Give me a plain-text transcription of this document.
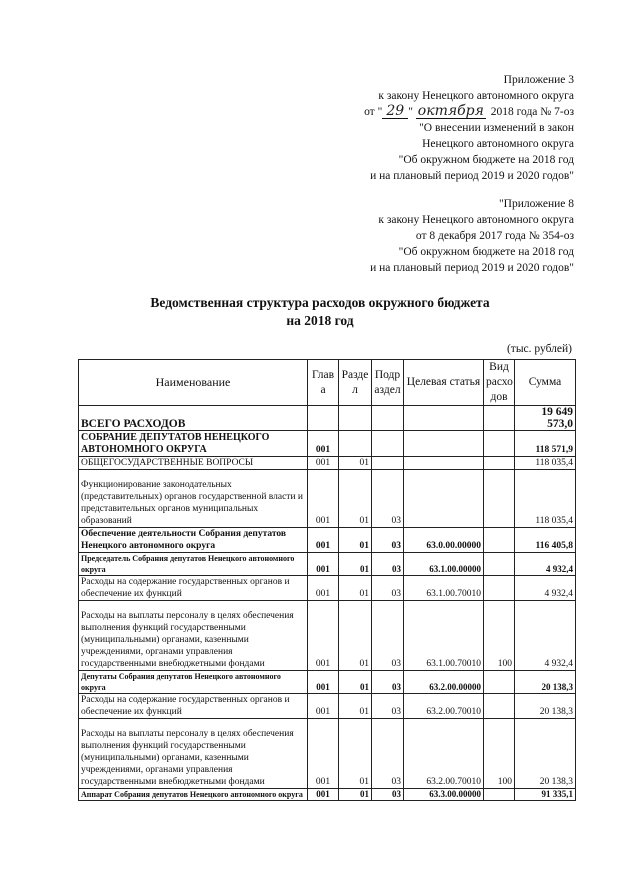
Приложение 3
к закону Ненецкого автономного округа
от " 29 " октября 2018 года № 7-оз
"О внесении изменений в закон
Ненецкого автономного округа
"Об окружном бюджете на 2018 год
и на плановый период 2019 и 2020 годов"
"Приложение 8
к закону Ненецкого автономного округа
от 8 декабря 2017 года № 354-оз
"Об окружном бюджете на 2018 год
и на плановый период 2019 и 2020 годов"
Ведомственная структура расходов окружного бюджета
на 2018 год
(тыс. рублей)
Наименование	Глав а	Разде л	Подр аздел	Целевая статья	Вид расхо дов	Сумма
ВСЕГО РАСХОДОВ						19 649 573,0
СОБРАНИЕ ДЕПУТАТОВ НЕНЕЦКОГО АВТОНОМНОГО ОКРУГА	001					118 571,9
ОБЩЕГОСУДАРСТВЕННЫЕ ВОПРОСЫ	001	01				118 035,4
Функционирование законодательных (представительных) органов государственной власти и представительных органов муниципальных образований	001	01	03			118 035,4
Обеспечение деятельности Собрания депутатов Ненецкого автономного округа	001	01	03	63.0.00.00000		116 405,8
Председатель Собрания депутатов Ненецкого автономного округа	001	01	03	63.1.00.00000		4 932,4
Расходы на содержание государственных органов и обеспечение их функций	001	01	03	63.1.00.70010		4 932,4
Расходы на выплаты персоналу в целях обеспечения выполнения функций государственными (муниципальными) органами, казенными учреждениями, органами управления государственными внебюджетными фондами	001	01	03	63.1.00.70010	100	4 932,4
Депутаты Собрания депутатов Ненецкого автономного округа	001	01	03	63.2.00.00000		20 138,3
Расходы на содержание государственных органов и обеспечение их функций	001	01	03	63.2.00.70010		20 138,3
Расходы на выплаты персоналу в целях обеспечения выполнения функций государственными (муниципальными) органами, казенными учреждениями, органами управления государственными внебюджетными фондами	001	01	03	63.2.00.70010	100	20 138,3
Аппарат Собрания депутатов Ненецкого автономного округа	001	01	03	63.3.00.00000		91 335,1
